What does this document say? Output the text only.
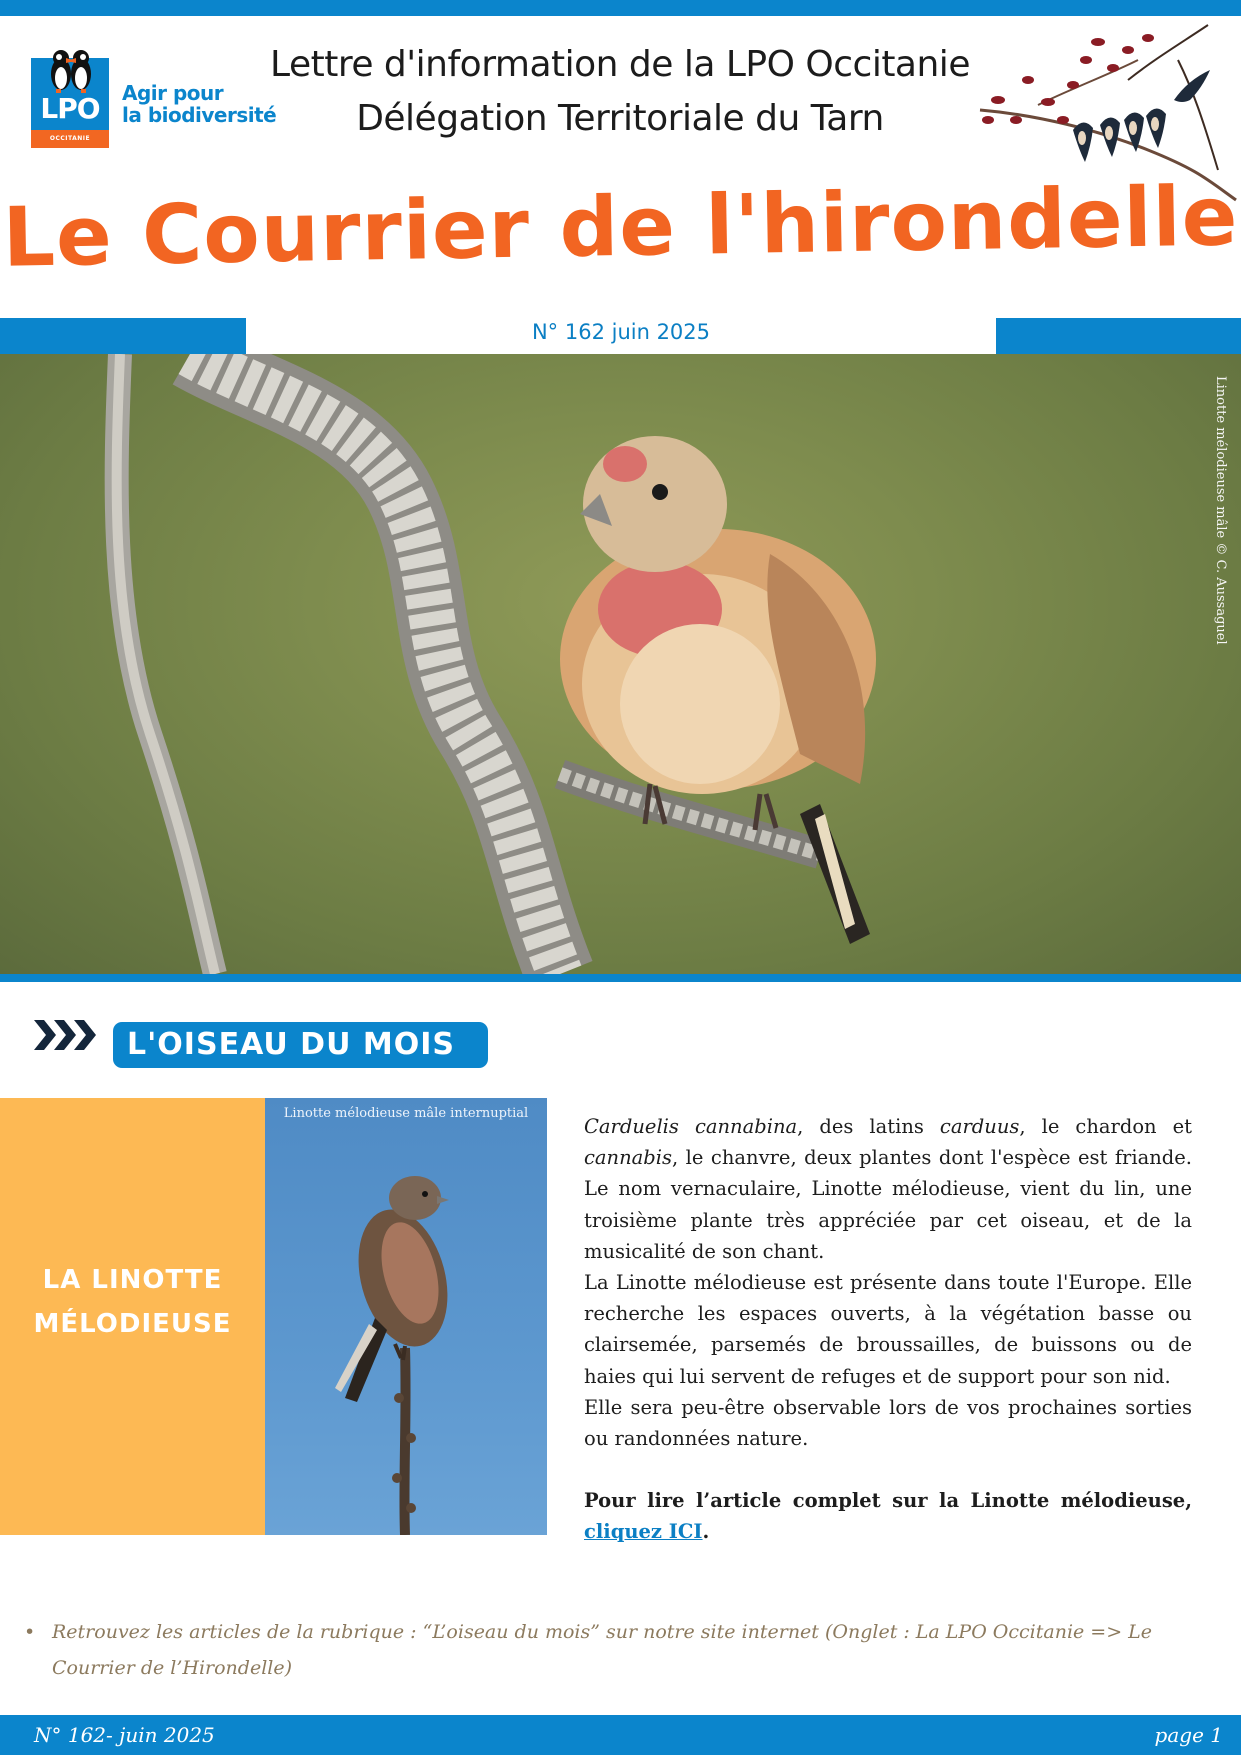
LPO
OCCITANIE
Agir pour
la biodiversité
Lettre d'information de la LPO Occitanie
Délégation Territoriale du Tarn
Le Courrier de l'hirondelle
N° 162 juin 2025
Linotte mélodieuse mâle © C. Aussaguel
L'OISEAU DU MOIS
LA LINOTTE
MÉLODIEUSE
Linotte mélodieuse mâle internuptial

Carduelis cannabina, des latins carduus, le chardon et cannabis, le chanvre, deux plantes dont l'espèce est friande. Le nom vernaculaire, Linotte mélodieuse, vient du lin, une troisième plante très appréciée par cet oiseau, et de la musicalité de son chant.

La Linotte mélodieuse est présente dans toute l'Europe. Elle recherche les espaces ouverts, à la végétation basse ou clairsemée, parsemés de broussailles, de buissons ou de haies qui lui servent de refuges et de support pour son nid.

Elle sera peu-être observable lors de vos prochaines sorties ou randonnées nature.

Pour lire l’article complet sur la Linotte mélodieuse, cliquez ICI.

• Retrouvez les articles de la rubrique : “L’oiseau du mois” sur notre site internet (Onglet : La LPO Occitanie => Le Courrier de l’Hirondelle)
N° 162- juin 2025	page 1
